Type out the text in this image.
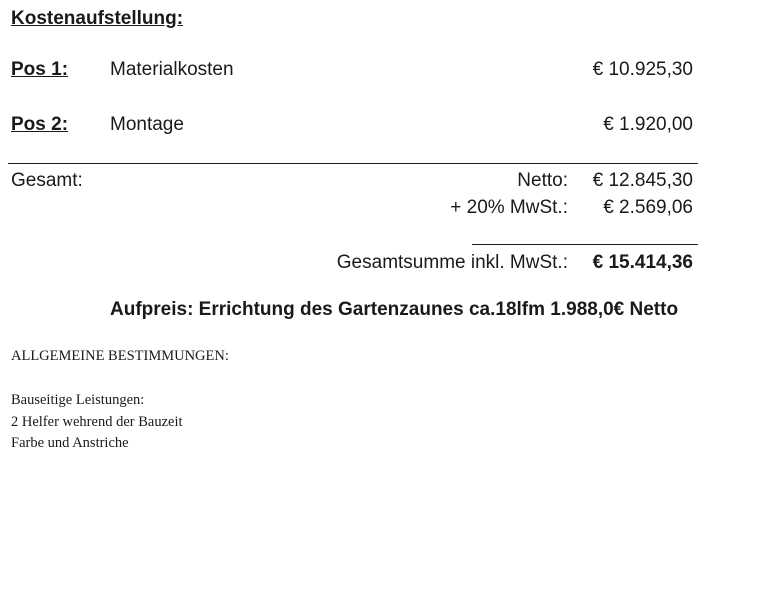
Kostenaufstellung:
Pos 1: Materialkosten	€ 10.925,30
Pos 2: Montage	€ 1.920,00
Gesamt:	Netto: € 12.845,30
+ 20% MwSt.: € 2.569,06
Gesamtsumme inkl. MwSt.: € 15.414,36
Aufpreis: Errichtung des Gartenzaunes ca.18lfm 1.988,0€ Netto
ALLGEMEINE BESTIMMUNGEN:
Bauseitige Leistungen:
2 Helfer wehrend der Bauzeit
Farbe und Anstriche
